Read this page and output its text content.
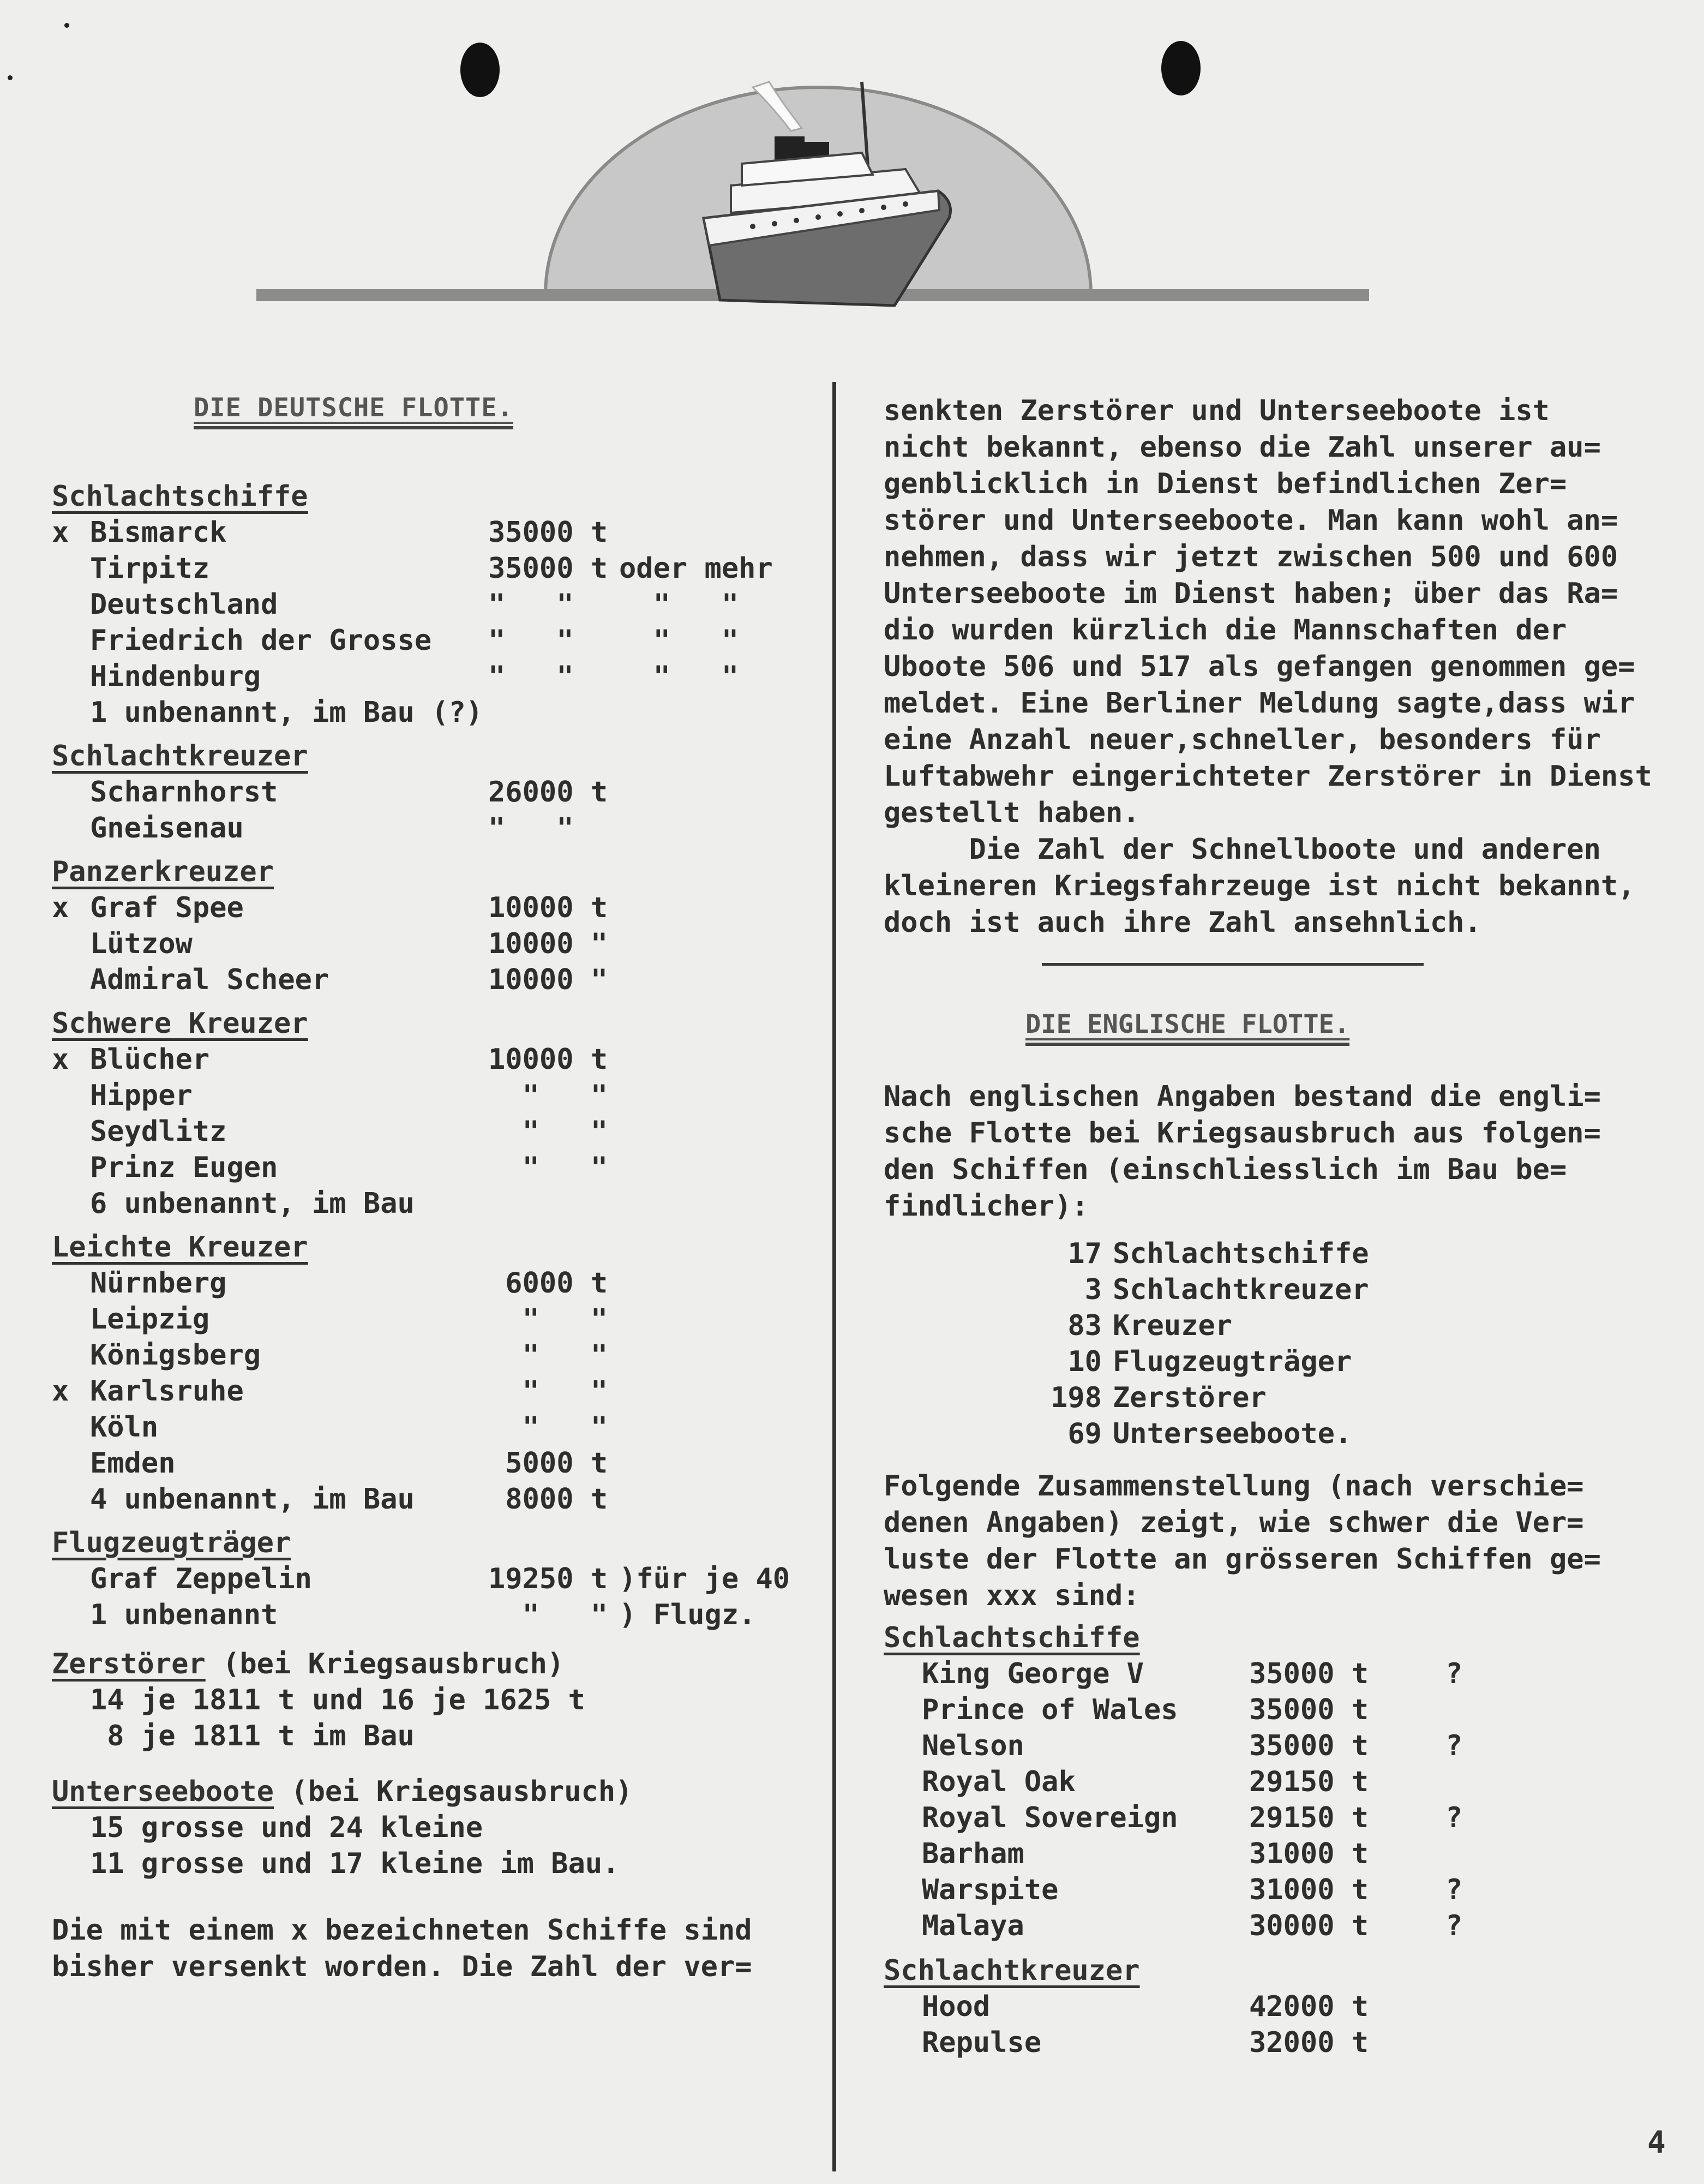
DIE DEUTSCHE FLOTTE.
Schlachtschiffe
x Bismarck	35000 t
Tirpitz	35000 t oder mehr
Deutschland	"   " "   "
Friedrich der Grosse "   " "   "
Hindenburg	"   " "   "
1 unbenannt, im Bau (?)
Schlachtkreuzer
Scharnhorst	26000 t
Gneisenau	"   "
Panzerkreuzer
x Graf Spee	10000 t
Lützow	10000 "
Admiral Scheer	10000 "
Schwere Kreuzer
x Blücher	10000 t
Hipper	"   "
Seydlitz	"   "
Prinz Eugen	"   "
6 unbenannt, im Bau
Leichte Kreuzer
Nürnberg	6000 t
Leipzig	"   "
Königsberg	"   "
x Karlsruhe	"   "
Köln	"   "
Emden	5000 t
4 unbenannt, im Bau	8000 t
Flugzeugträger
Graf Zeppelin	19250 t )für je 40
1 unbenannt	"   " ) Flugz.
Zerstörer (bei Kriegsausbruch)
14 je 1811 t und 16 je 1625 t
8 je 1811 t im Bau
Unterseeboote (bei Kriegsausbruch)
15 grosse und 24 kleine
11 grosse und 17 kleine im Bau.
Die mit einem x bezeichneten Schiffe sind
bisher versenkt worden. Die Zahl der ver=
senkten Zerstörer und Unterseeboote ist
nicht bekannt, ebenso die Zahl unserer au=
genblicklich in Dienst befindlichen Zer=
störer und Unterseeboote. Man kann wohl an=
nehmen, dass wir jetzt zwischen 500 und 600
Unterseeboote im Dienst haben; über das Ra=
dio wurden kürzlich die Mannschaften der
Uboote 506 und 517 als gefangen genommen ge=
meldet. Eine Berliner Meldung sagte,dass wir
eine Anzahl neuer,schneller, besonders für
Luftabwehr eingerichteter Zerstörer in Dienst
gestellt haben.
Die Zahl der Schnellboote und anderen
kleineren Kriegsfahrzeuge ist nicht bekannt,
doch ist auch ihre Zahl ansehnlich.
DIE ENGLISCHE FLOTTE.
Nach englischen Angaben bestand die engli=
sche Flotte bei Kriegsausbruch aus folgen=
den Schiffen (einschliesslich im Bau be=
findlicher):
17 Schlachtschiffe
3 Schlachtkreuzer
83 Kreuzer
10 Flugzeugträger
198 Zerstörer
69 Unterseeboote.
Folgende Zusammenstellung (nach verschie=
denen Angaben) zeigt, wie schwer die Ver=
luste der Flotte an grösseren Schiffen ge=
wesen xxx sind:
Schlachtschiffe
King George V	35000 t	?
Prince of Wales	35000 t
Nelson	35000 t	?
Royal Oak	29150 t
Royal Sovereign	29150 t	?
Barham	31000 t
Warspite	31000 t	?
Malaya	30000 t	?
Schlachtkreuzer
Hood	42000 t
Repulse	32000 t
4
